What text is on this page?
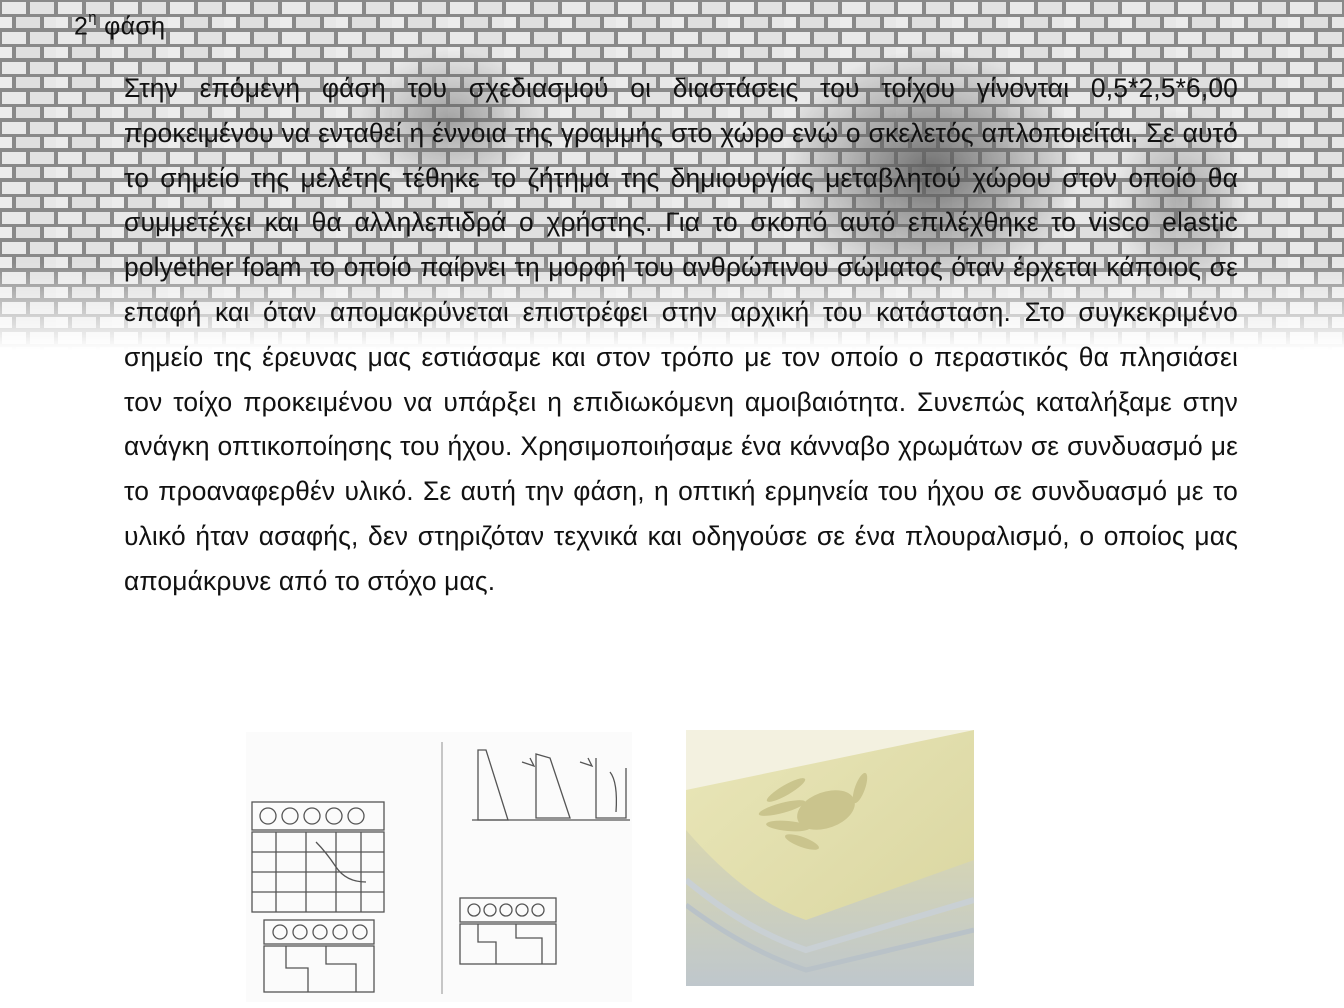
$2^\eta$ φάση
Στην επόμενη φάση του σχεδιασμού οι διαστάσεις του τοίχου γίνονται 0,5*2,5*6,00 προκειμένου να ενταθεί η έννοια της γραμμής στο χώρο ενώ ο σκελετός απλοποιείται. Σε αυτό το σημείο της μελέτης τέθηκε το ζήτημα της δημιουργίας μεταβλητού χώρου στον οποίο θα συμμετέχει και θα αλληλεπιδρά ο χρήστης. Για το σκοπό αυτό επιλέχθηκε το visco elastic polyether foam το οποίο παίρνει τη μορφή του ανθρώπινου σώματος όταν έρχεται κάποιος σε επαφή και όταν απομακρύνεται επιστρέφει στην αρχική του κατάσταση. Στο συγκεκριμένο σημείο της έρευνας μας εστιάσαμε και στον τρόπο με τον οποίο ο περαστικός θα πλησιάσει τον τοίχο προκειμένου να υπάρξει η επιδιωκόμενη αμοιβαιότητα. Συνεπώς καταλήξαμε στην ανάγκη οπτικοποίησης του ήχου. Χρησιμοποιήσαμε ένα κάνναβο χρωμάτων σε συνδυασμό με το προαναφερθέν υλικό. Σε αυτή την φάση, η οπτική ερμηνεία του ήχου σε συνδυασμό με το υλικό ήταν ασαφής, δεν στηριζόταν τεχνικά και οδηγούσε σε ένα πλουραλισμό, ο οποίος μας απομάκρυνε από το στόχο μας.
